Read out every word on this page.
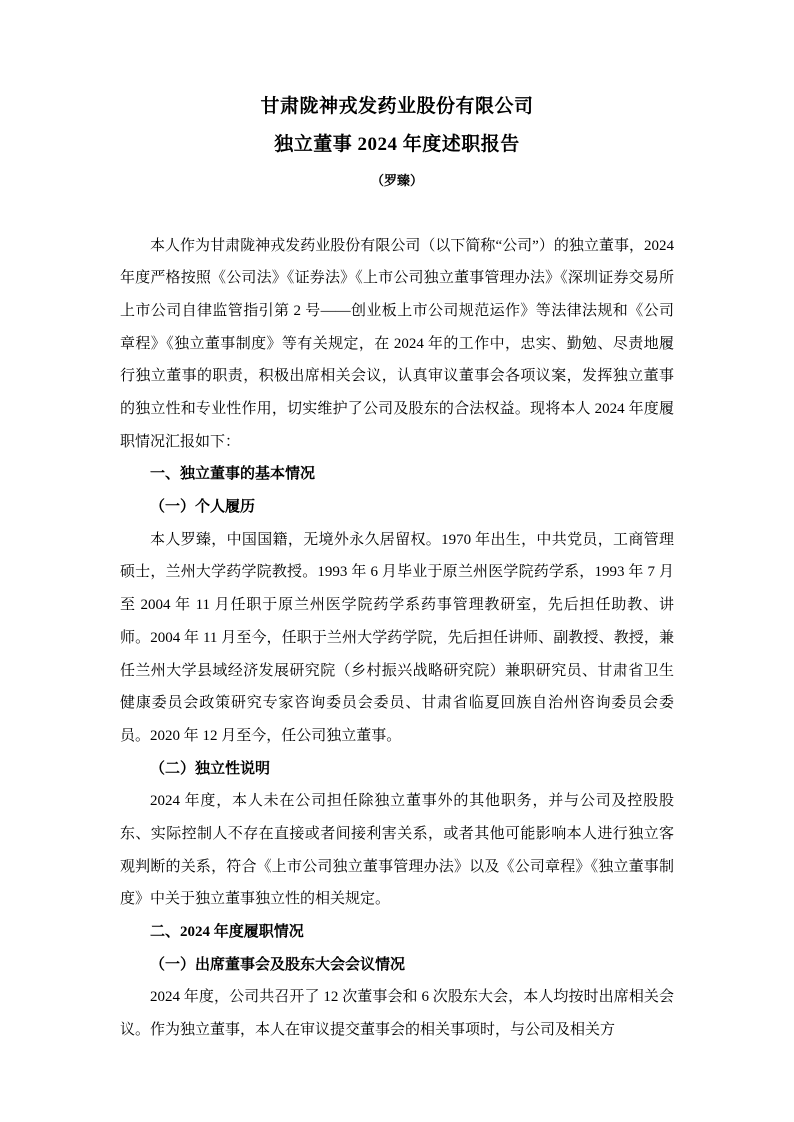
甘肃陇神戎发药业股份有限公司
独立董事 2024 年度述职报告
（罗臻）

本人作为甘肃陇神戎发药业股份有限公司（以下简称“公司”）的独立董事，2024 年度严格按照《公司法》《证券法》《上市公司独立董事管理办法》《深圳证券交易所上市公司自律监管指引第 2 号——创业板上市公司规范运作》等法律法规和《公司章程》《独立董事制度》等有关规定，在 2024 年的工作中，忠实、勤勉、尽责地履行独立董事的职责，积极出席相关会议，认真审议董事会各项议案，发挥独立董事的独立性和专业性作用，切实维护了公司及股东的合法权益。现将本人 2024 年度履职情况汇报如下：

一、独立董事的基本情况

（一）个人履历

本人罗臻，中国国籍，无境外永久居留权。1970 年出生，中共党员，工商管理硕士，兰州大学药学院教授。1993 年 6 月毕业于原兰州医学院药学系，1993 年 7 月至 2004 年 11 月任职于原兰州医学院药学系药事管理教研室，先后担任助教、讲师。2004 年 11 月至今，任职于兰州大学药学院，先后担任讲师、副教授、教授，兼任兰州大学县域经济发展研究院（乡村振兴战略研究院）兼职研究员、甘肃省卫生健康委员会政策研究专家咨询委员会委员、甘肃省临夏回族自治州咨询委员会委员。2020 年 12 月至今，任公司独立董事。

（二）独立性说明

2024 年度，本人未在公司担任除独立董事外的其他职务，并与公司及控股股东、实际控制人不存在直接或者间接利害关系，或者其他可能影响本人进行独立客观判断的关系，符合《上市公司独立董事管理办法》以及《公司章程》《独立董事制度》中关于独立董事独立性的相关规定。

二、2024 年度履职情况

（一）出席董事会及股东大会会议情况

2024 年度，公司共召开了 12 次董事会和 6 次股东大会，本人均按时出席相关会议。作为独立董事，本人在审议提交董事会的相关事项时，与公司及相关方
